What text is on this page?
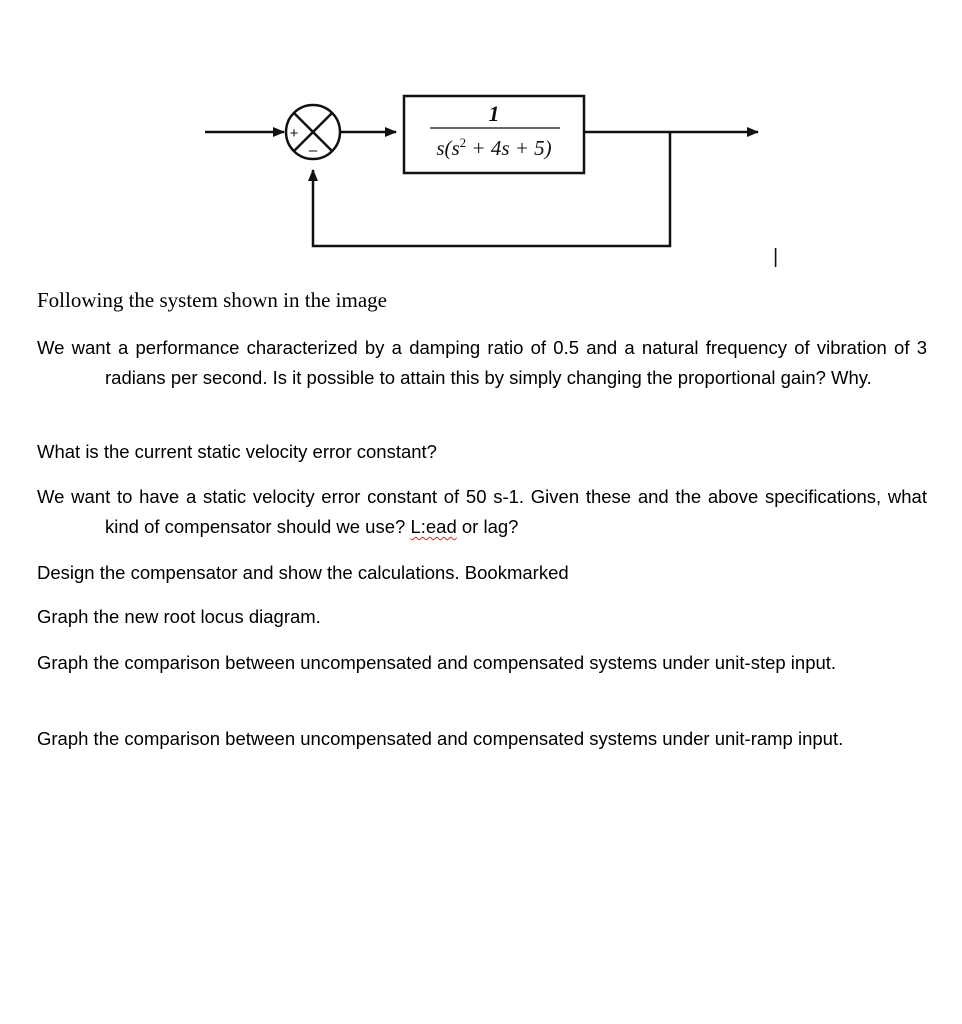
+
–
1
$s(s^2 + 4s + 5)$
|
Following the system shown in the image

We want a performance characterized by a damping ratio of 0.5 and a natural frequency of vibration of 3 radians per second. Is it possible to attain this by simply changing the proportional gain? Why.

What is the current static velocity error constant?

We want to have a static velocity error constant of 50 s-1. Given these and the above specifications, what kind of compensator should we use? L:ead or lag?

Design the compensator and show the calculations. Bookmarked

Graph the new root locus diagram.

Graph the comparison between uncompensated and compensated systems under unit-step input.

Graph the comparison between uncompensated and compensated systems under unit-ramp input.
